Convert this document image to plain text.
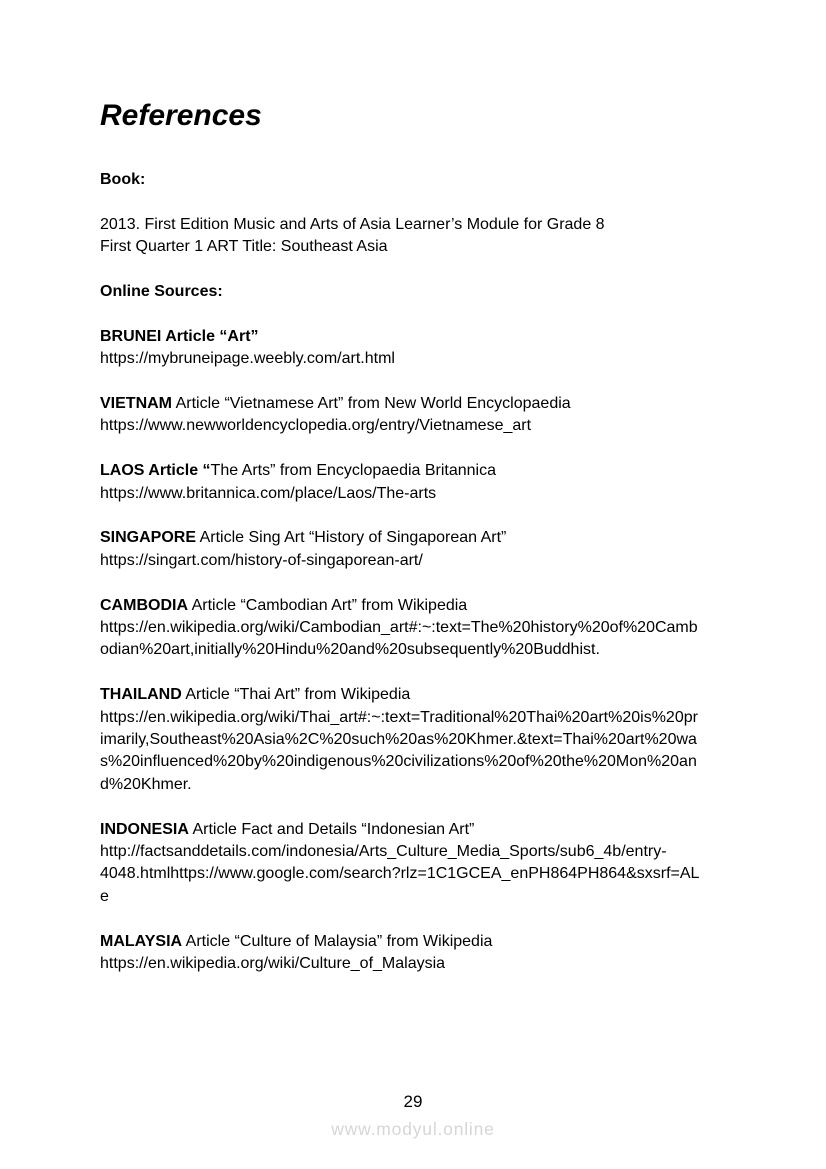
References
Book:
2013. First Edition Music and Arts of Asia Learner’s Module for Grade 8
First Quarter 1 ART Title: Southeast Asia
Online Sources:
BRUNEI Article “Art”
https://mybruneipage.weebly.com/art.html
VIETNAM Article “Vietnamese Art” from New World Encyclopaedia
https://www.newworldencyclopedia.org/entry/Vietnamese_art
LAOS Article “The Arts” from Encyclopaedia Britannica
https://www.britannica.com/place/Laos/The-arts
SINGAPORE Article Sing Art “History of Singaporean Art”
https://singart.com/history-of-singaporean-art/
CAMBODIA Article “Cambodian Art” from Wikipedia
https://en.wikipedia.org/wiki/Cambodian_art#:~:text=The%20history%20of%20Camb
odian%20art,initially%20Hindu%20and%20subsequently%20Buddhist.
THAILAND Article “Thai Art” from Wikipedia
https://en.wikipedia.org/wiki/Thai_art#:~:text=Traditional%20Thai%20art%20is%20pr
imarily,Southeast%20Asia%2C%20such%20as%20Khmer.&text=Thai%20art%20wa
s%20influenced%20by%20indigenous%20civilizations%20of%20the%20Mon%20an
d%20Khmer.
INDONESIA Article Fact and Details “Indonesian Art”
http://factsanddetails.com/indonesia/Arts_Culture_Media_Sports/sub6_4b/entry-
4048.htmlhttps://www.google.com/search?rlz=1C1GCEA_enPH864PH864&sxsrf=AL
e
MALAYSIA Article “Culture of Malaysia” from Wikipedia
https://en.wikipedia.org/wiki/Culture_of_Malaysia
29
www.modyul.online
